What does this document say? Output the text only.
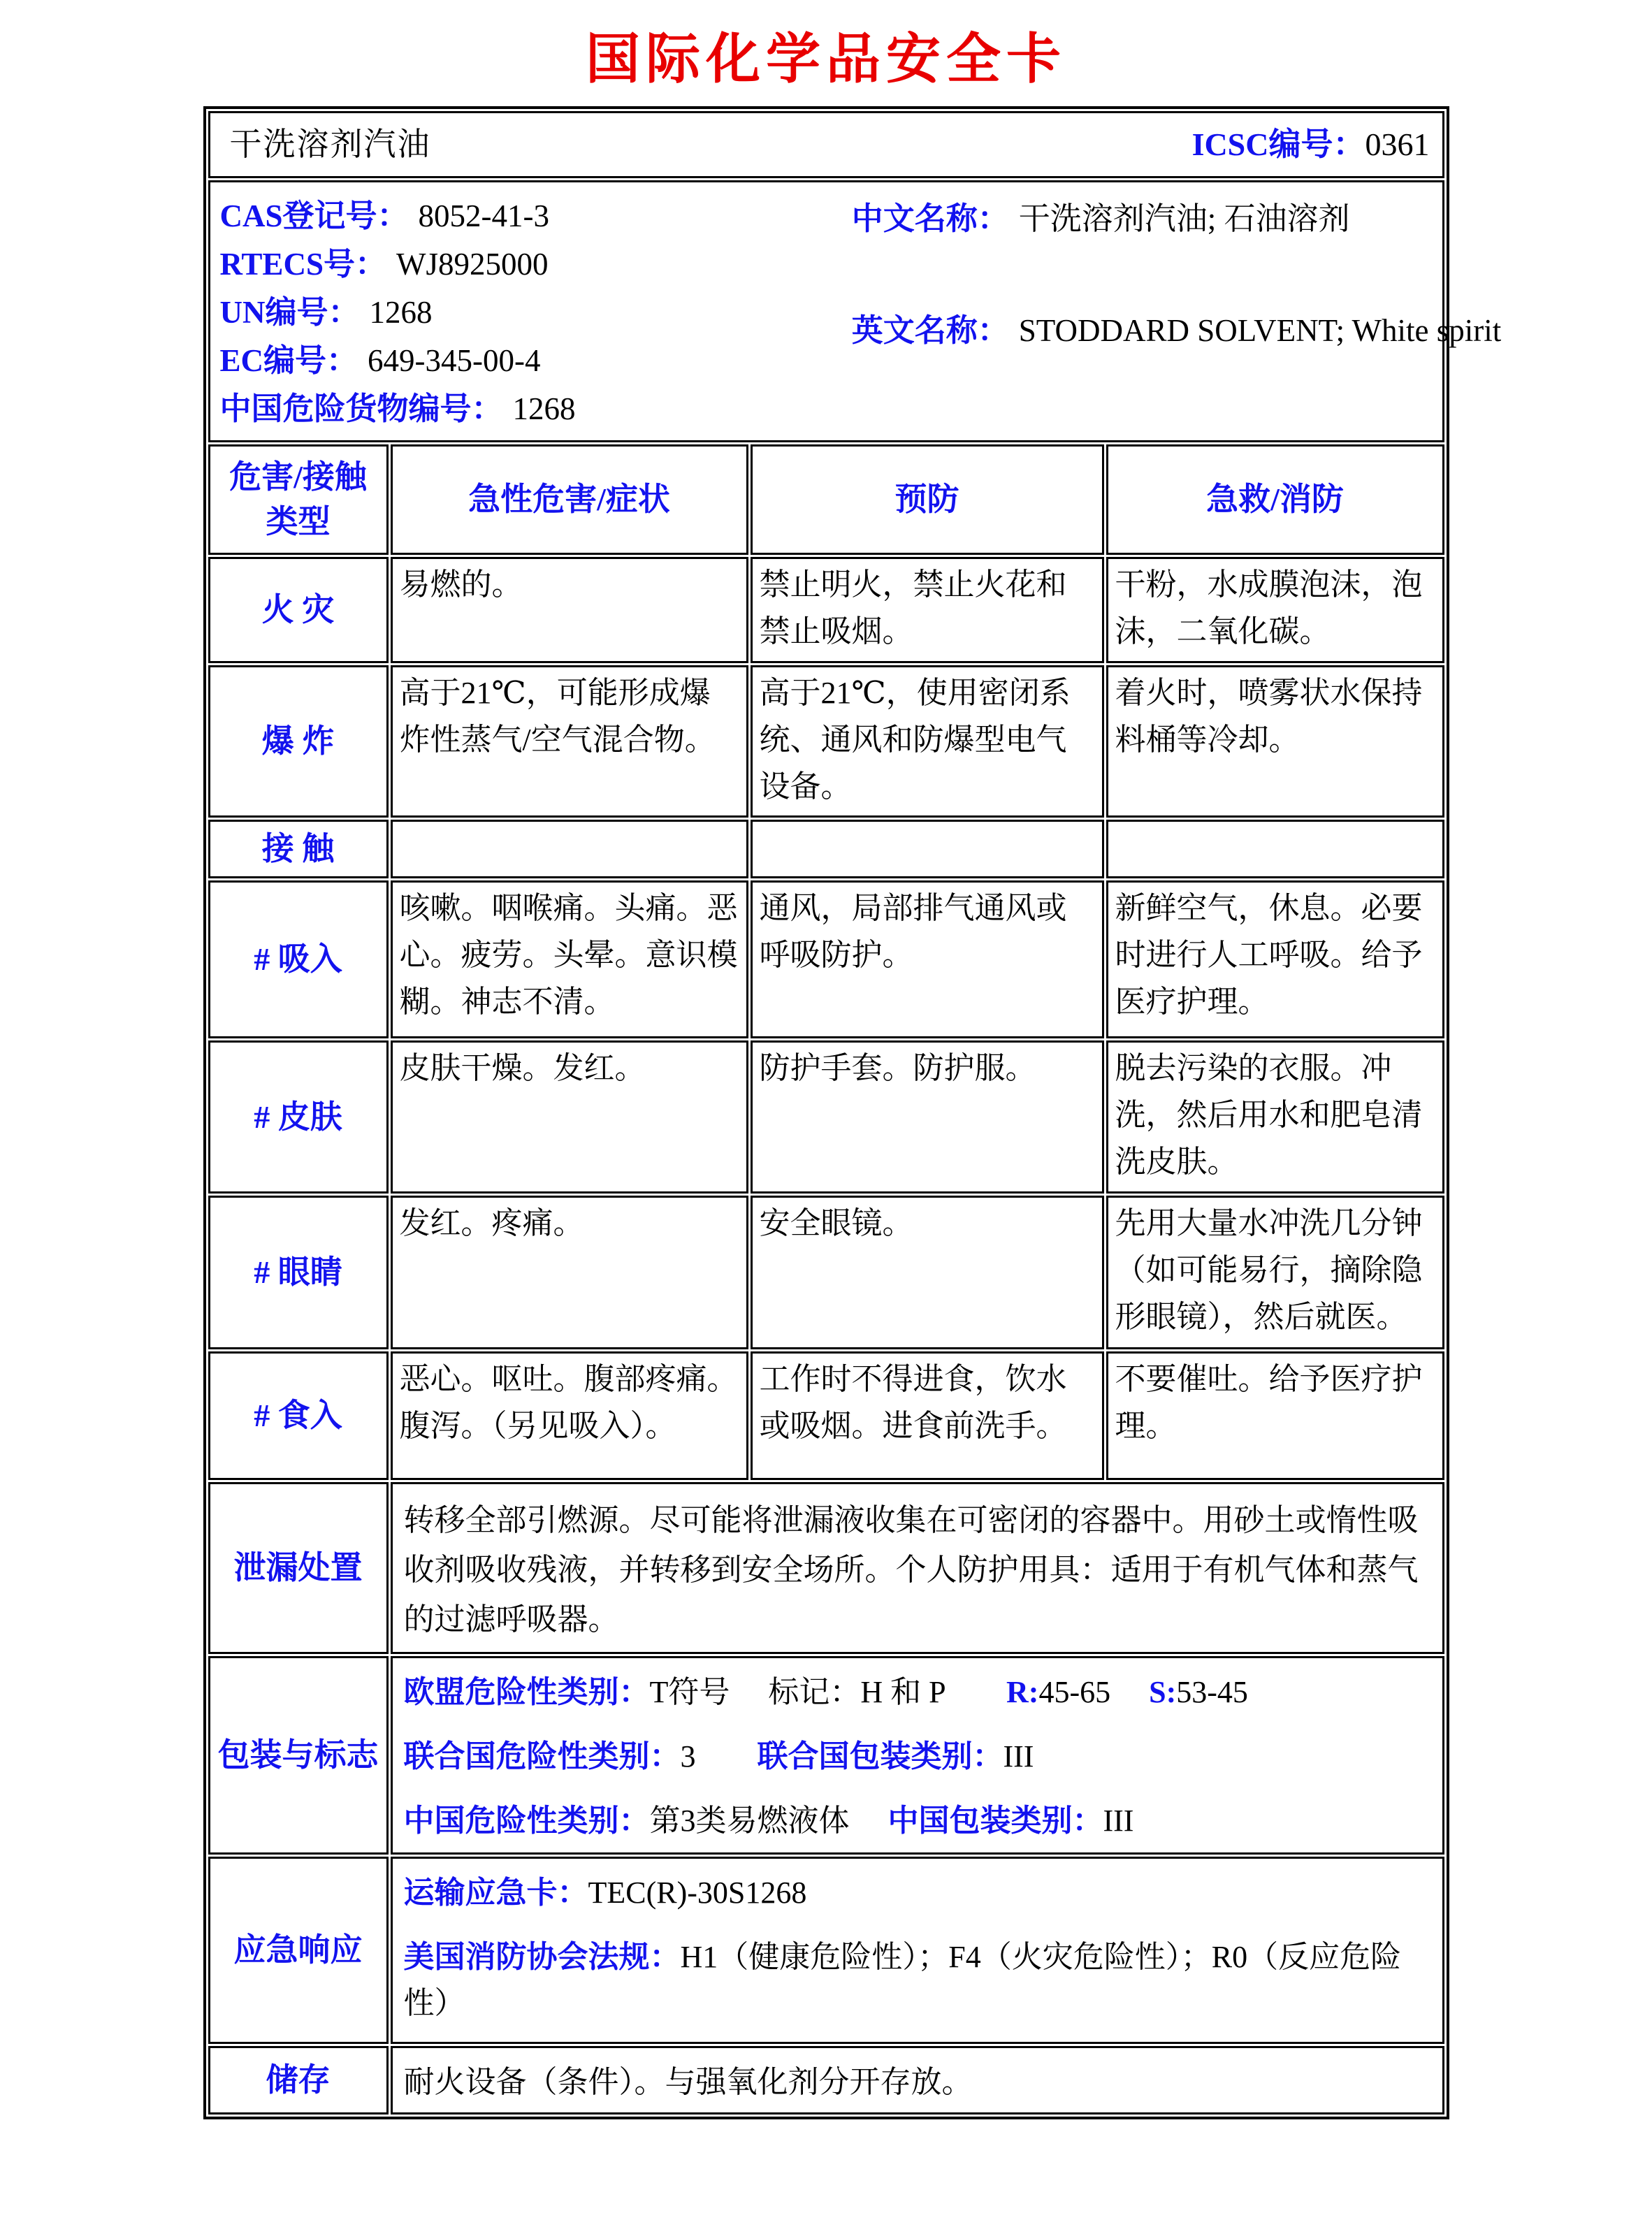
国际化学品安全卡
干洗溶剂汽油 ICSC编号：0361			

CAS登记号： 8052-41-3
RTECS号： WJ8925000
UN编号： 1268
EC编号： 649-345-00-4
中国危险货物编号： 1268
中文名称： 干洗溶剂汽油; 石油溶剂
英文名称： STODDARD SOLVENT; White spirit

危害/接触 类型	急性危害/症状	预防	急救/消防
火 灾	易燃的。	禁止明火，禁止火花和禁止吸烟。	干粉，水成膜泡沫，泡沫，二氧化碳。
爆 炸	高于21℃，可能形成爆炸性蒸气/空气混合物。	高于21℃，使用密闭系统、通风和防爆型电气设备。	着火时，喷雾状水保持料桶等冷却。
接 触			
# 吸入	咳嗽。咽喉痛。头痛。恶心。疲劳。头晕。意识模糊。神志不清。	通风，局部排气通风或呼吸防护。	新鲜空气，休息。必要时进行人工呼吸。给予医疗护理。
# 皮肤	皮肤干燥。发红。	防护手套。防护服。	脱去污染的衣服。冲洗，然后用水和肥皂清洗皮肤。
# 眼睛	发红。疼痛。	安全眼镜。	先用大量水冲洗几分钟（如可能易行，摘除隐形眼镜），然后就医。
# 食入	恶心。呕吐。腹部疼痛。腹泻。（另见吸入）。	工作时不得进食，饮水或吸烟。进食前洗手。	不要催吐。给予医疗护理。
泄漏处置	转移全部引燃源。尽可能将泄漏液收集在可密闭的容器中。用砂土或惰性吸收剂吸收残液，并转移到安全场所。个人防护用具：适用于有机气体和蒸气的过滤呼吸器。		

包装与标志	欧盟危险性类别：T符号　 标记：H 和 P　　R:45-65　 S:53-45
联合国危险性类别：3　　联合国包装类别：III
中国危险性类别：第3类易燃液体　 中国包装类别：III		

应急响应	运输应急卡：TEC(R)-30S1268
美国消防协会法规：H1（健康危险性）；F4（火灾危险性）；R0（反应危险性）		

储存	耐火设备（条件）。与强氧化剂分开存放。		
